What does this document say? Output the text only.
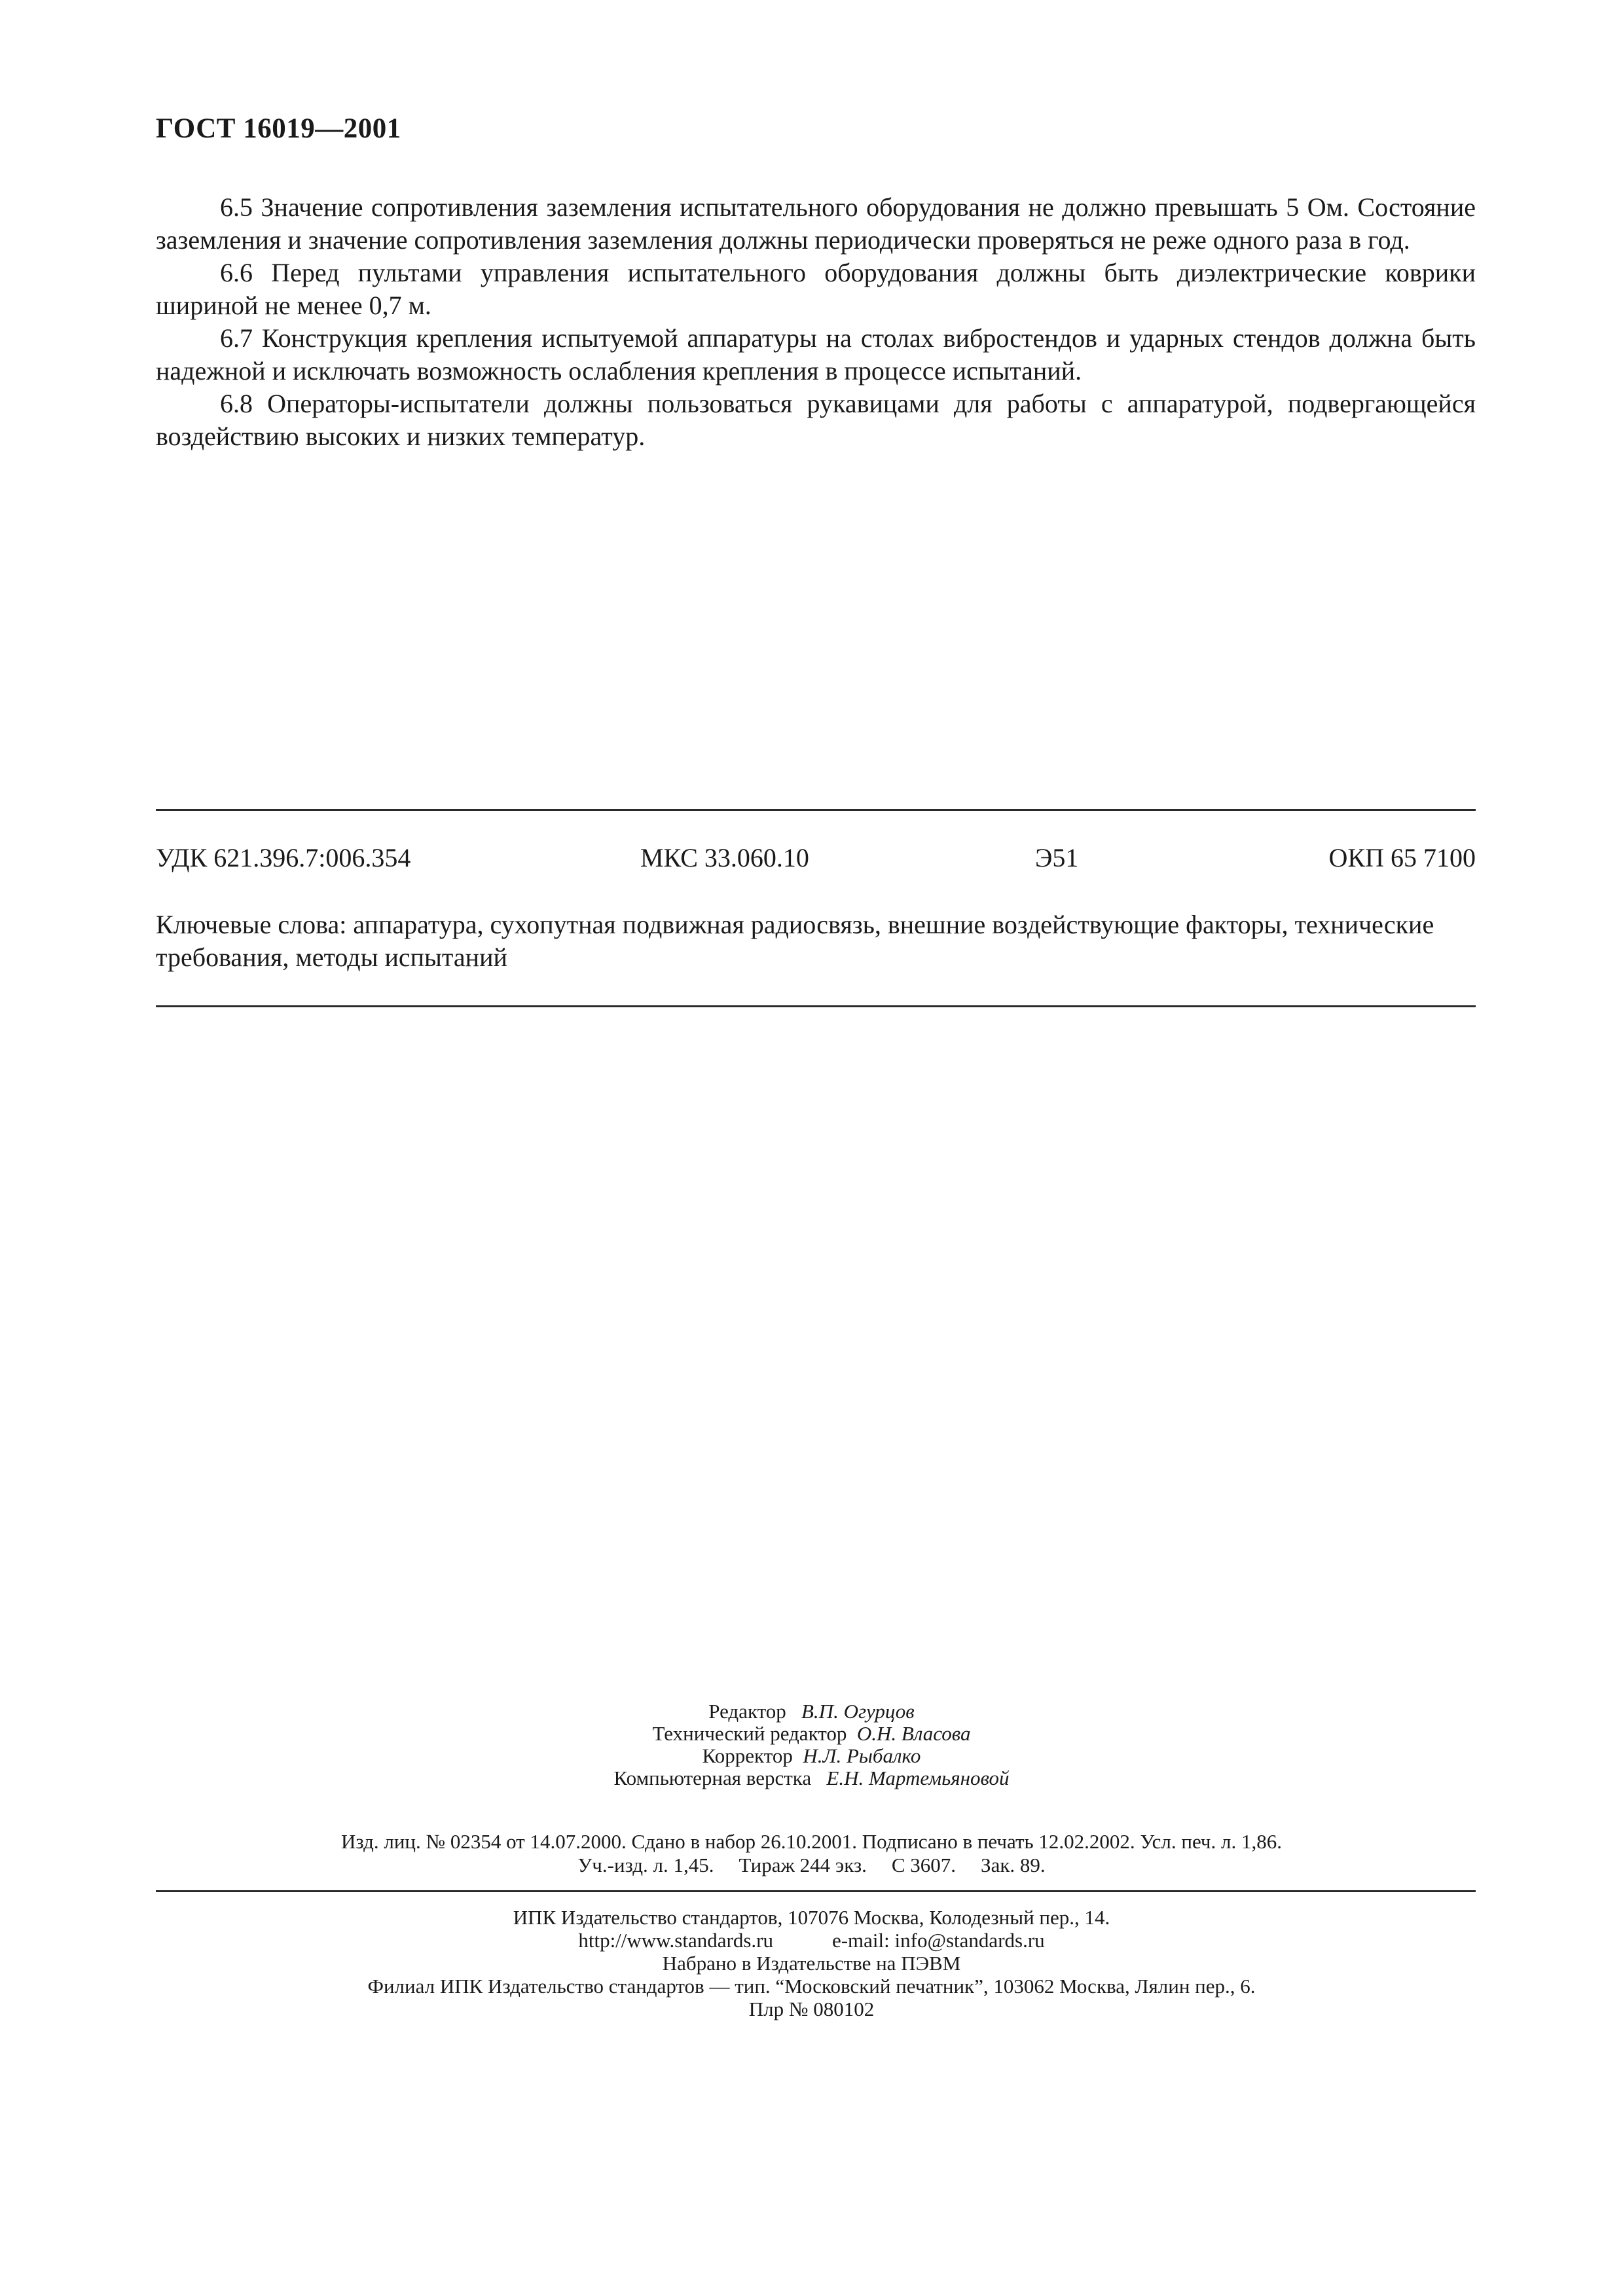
ГОСТ 16019—2001

6.5 Значение сопротивления заземления испытательного оборудования не должно превышать 5 Ом. Состояние заземления и значение сопротивления заземления должны периодически проверяться не реже одного раза в год.

6.6 Перед пультами управления испытательного оборудования должны быть диэлектрические коврики шириной не менее 0,7 м.

6.7 Конструкция крепления испытуемой аппаратуры на столах вибростендов и ударных стендов должна быть надежной и исключать возможность ослабления крепления в процессе испытаний.

6.8 Операторы-испытатели должны пользоваться рукавицами для работы с аппаратурой, подвергающейся воздействию высоких и низких температур.

УДК 621.396.7:006.354	МКС 33.060.10	Э51	ОКП 65 7100
Ключевые слова: аппаратура, сухопутная подвижная радиосвязь, внешние воздействующие факторы, технические требования, методы испытаний
Редактор В.П. Огурцов
Технический редактор О.Н. Власова
Корректор Н.Л. Рыбалко
Компьютерная верстка Е.Н. Мартемьяновой
Изд. лиц. № 02354 от 14.07.2000. Сдано в набор 26.10.2001. Подписано в печать 12.02.2002. Усл. печ. л. 1,86.
Уч.-изд. л. 1,45. Тираж 244 экз. С 3607. Зак. 89.
ИПК Издательство стандартов, 107076 Москва, Колодезный пер., 14.
http://www.standards.ru	e-mail: info@standards.ru
Набрано в Издательстве на ПЭВМ
Филиал ИПК Издательство стандартов — тип. “Московский печатник”, 103062 Москва, Лялин пер., 6.
Плр № 080102
